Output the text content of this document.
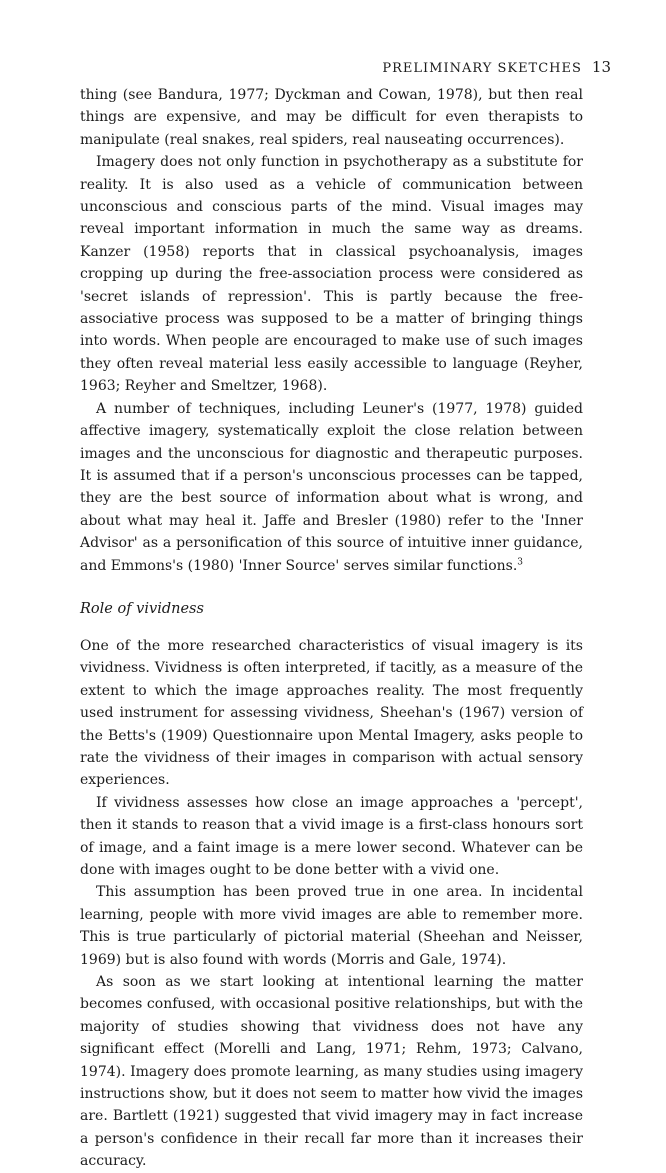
PRELIMINARY SKETCHES 13

thing (see Bandura, 1977; Dyckman and Cowan, 1978), but then real things are expensive, and may be difficult for even therapists to manipulate (real snakes, real spiders, real nauseating occurrences).

Imagery does not only function in psychotherapy as a substitute for reality. It is also used as a vehicle of communication between unconscious and conscious parts of the mind. Visual images may reveal important information in much the same way as dreams. Kanzer (1958) reports that in classical psychoanalysis, images cropping up during the free-association process were considered as 'secret islands of repression'. This is partly because the free-associative process was supposed to be a matter of bringing things into words. When people are encouraged to make use of such images they often reveal material less easily accessible to language (Reyher, 1963; Reyher and Smeltzer, 1968).

A number of techniques, including Leuner's (1977, 1978) guided affective imagery, systematically exploit the close relation between images and the unconscious for diagnostic and therapeutic purposes. It is assumed that if a person's unconscious processes can be tapped, they are the best source of information about what is wrong, and about what may heal it. Jaffe and Bresler (1980) refer to the 'Inner Advisor' as a personification of this source of intuitive inner guidance, and Emmons's (1980) 'Inner Source' serves similar functions.$^3$

Role of vividness

One of the more researched characteristics of visual imagery is its vividness. Vividness is often interpreted, if tacitly, as a measure of the extent to which the image approaches reality. The most frequently used instrument for assessing vividness, Sheehan's (1967) version of the Betts's (1909) Questionnaire upon Mental Imagery, asks people to rate the vividness of their images in comparison with actual sensory experiences.

If vividness assesses how close an image approaches a 'percept', then it stands to reason that a vivid image is a first-class honours sort of image, and a faint image is a mere lower second. Whatever can be done with images ought to be done better with a vivid one.

This assumption has been proved true in one area. In incidental learning, people with more vivid images are able to remember more. This is true particularly of pictorial material (Sheehan and Neisser, 1969) but is also found with words (Morris and Gale, 1974).

As soon as we start looking at intentional learning the matter becomes confused, with occasional positive relationships, but with the majority of studies showing that vividness does not have any significant effect (Morelli and Lang, 1971; Rehm, 1973; Calvano, 1974). Imagery does promote learning, as many studies using imagery instructions show, but it does not seem to matter how vivid the images are. Bartlett (1921) suggested that vivid imagery may in fact increase a person's confidence in their recall far more than it increases their accuracy.
